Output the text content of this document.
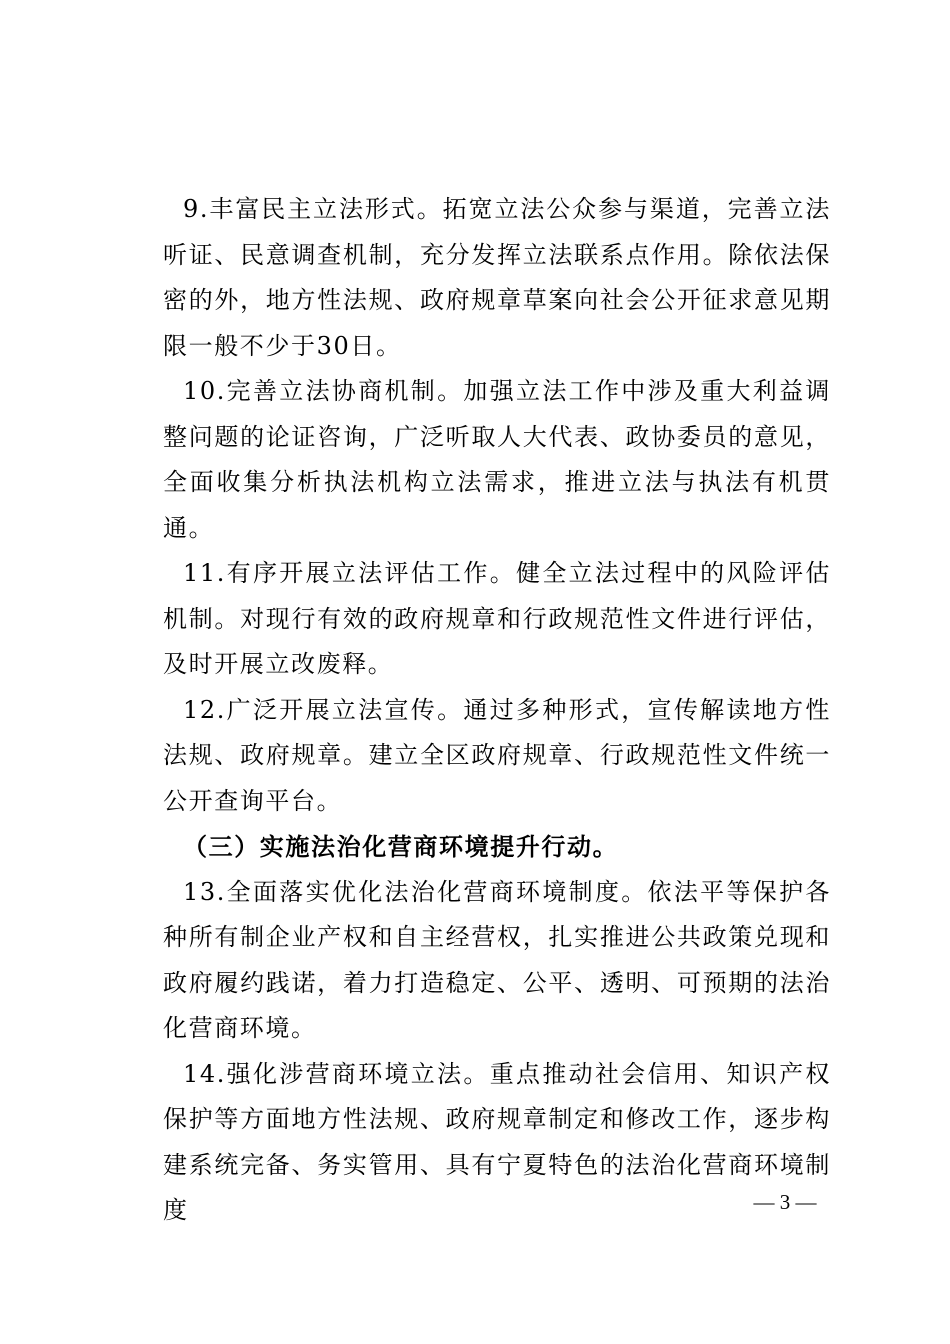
9.丰富民主立法形式。拓宽立法公众参与渠道，完善立法听证、民意调查机制，充分发挥立法联系点作用。除依法保密的外，地方性法规、政府规章草案向社会公开征求意见期限一般不少于30日。

10.完善立法协商机制。加强立法工作中涉及重大利益调整问题的论证咨询，广泛听取人大代表、政协委员的意见，全面收集分析执法机构立法需求，推进立法与执法有机贯通。

11.有序开展立法评估工作。健全立法过程中的风险评估机制。对现行有效的政府规章和行政规范性文件进行评估，及时开展立改废释。

12.广泛开展立法宣传。通过多种形式，宣传解读地方性法规、政府规章。建立全区政府规章、行政规范性文件统一公开查询平台。

（三）实施法治化营商环境提升行动。

13.全面落实优化法治化营商环境制度。依法平等保护各种所有制企业产权和自主经营权，扎实推进公共政策兑现和政府履约践诺，着力打造稳定、公平、透明、可预期的法治化营商环境。

14.强化涉营商环境立法。重点推动社会信用、知识产权保护等方面地方性法规、政府规章制定和修改工作，逐步构建系统完备、务实管用、具有宁夏特色的法治化营商环境制度	— 3 —
